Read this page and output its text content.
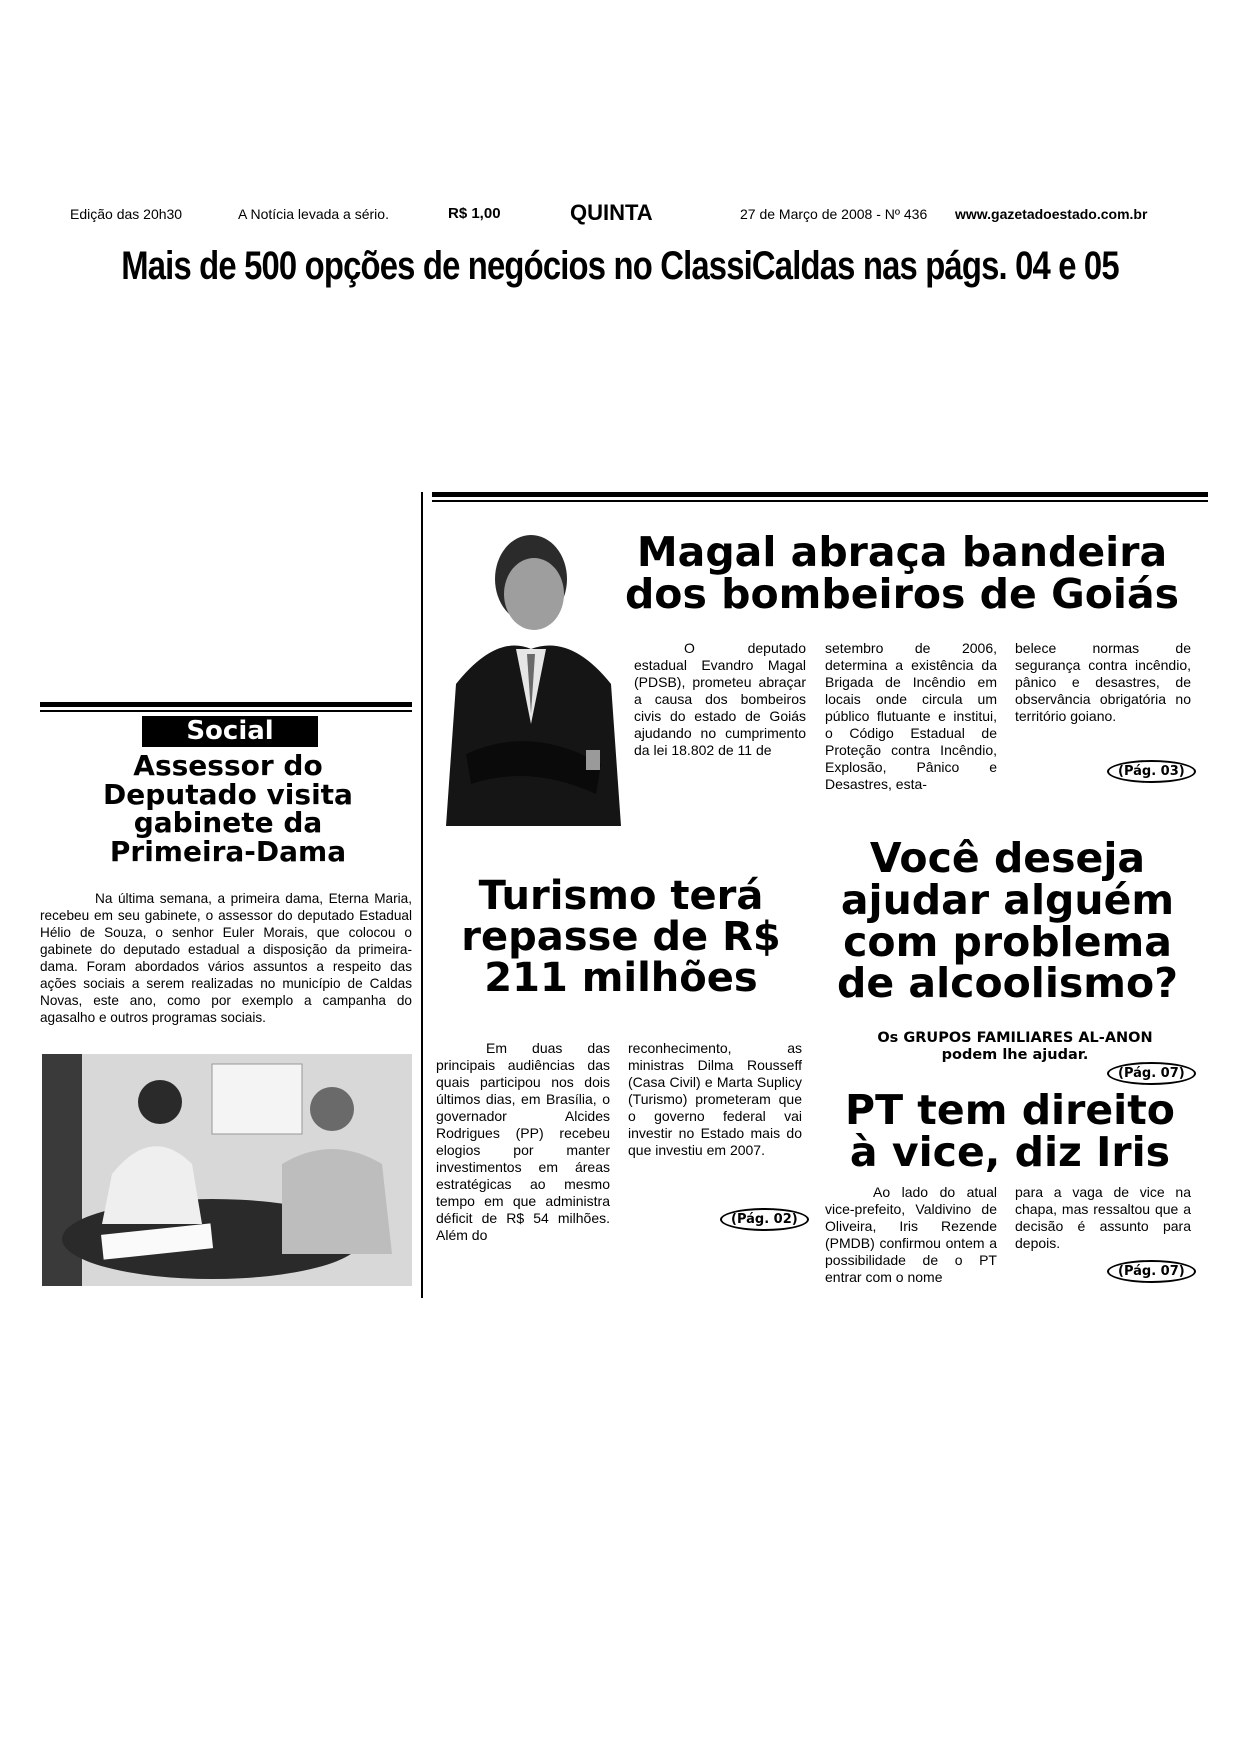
Edição das 20h30	A Notícia levada a sério.	R$ 1,00	QUINTA	27 de Março de 2008 - Nº 436 www.gazetadoestado.com.br
Mais de 500 opções de negócios no ClassiCaldas nas págs. 04 e 05
Social

Assessor do

Deputado visita

gabinete da

Primeira-Dama

Na última semana, a primeira dama, Eterna Maria, recebeu em seu gabinete, o assessor do deputado Estadual Hélio de Souza, o senhor Euler Morais, que colocou o gabinete do deputado estadual a disposição da primeira-dama. Foram abordados vários assuntos a respeito das ações sociais a serem realizadas no município de Caldas Novas, este ano, como por exemplo a campanha do agasalho e outros programas sociais.

Magal abraça bandeira

dos bombeiros de Goiás

O deputado estadual Evandro Magal (PDSB), prometeu abraçar a causa dos bombeiros civis do estado de Goiás ajudando no cumprimento da lei 18.802 de 11 de

setembro de 2006, determina a existência da Brigada de Incêndio em locais onde circula um público flutuante e institui, o Código Estadual de Proteção contra Incêndio, Explosão, Pânico e Desastres, esta-

belece normas de segurança contra incêndio, pânico e desastres, de observância obrigatória no território goiano.

(Pág. 03)

Turismo terá

repasse de R$

211 milhões

Em duas das principais audiências das quais participou nos dois últimos dias, em Brasília, o governador Alcides Rodrigues (PP) recebeu elogios por manter investimentos em áreas estratégicas ao mesmo tempo em que administra déficit de R$ 54 milhões. Além do

reconhecimento, as ministras Dilma Rousseff (Casa Civil) e Marta Suplicy (Turismo) prometeram que o governo federal vai investir no Estado mais do que investiu em 2007.

(Pág. 02)

Você deseja

ajudar alguém

com problema

de alcoolismo?

Os GRUPOS FAMILIARES AL-ANON
podem lhe ajudar.
(Pág. 07)

PT tem direito

à vice, diz Iris

Ao lado do atual vice-prefeito, Valdivino de Oliveira, Iris Rezende (PMDB) confirmou ontem a possibilidade de o PT entrar com o nome

para a vaga de vice na chapa, mas ressaltou que a decisão é assunto para depois.

(Pág. 07)
